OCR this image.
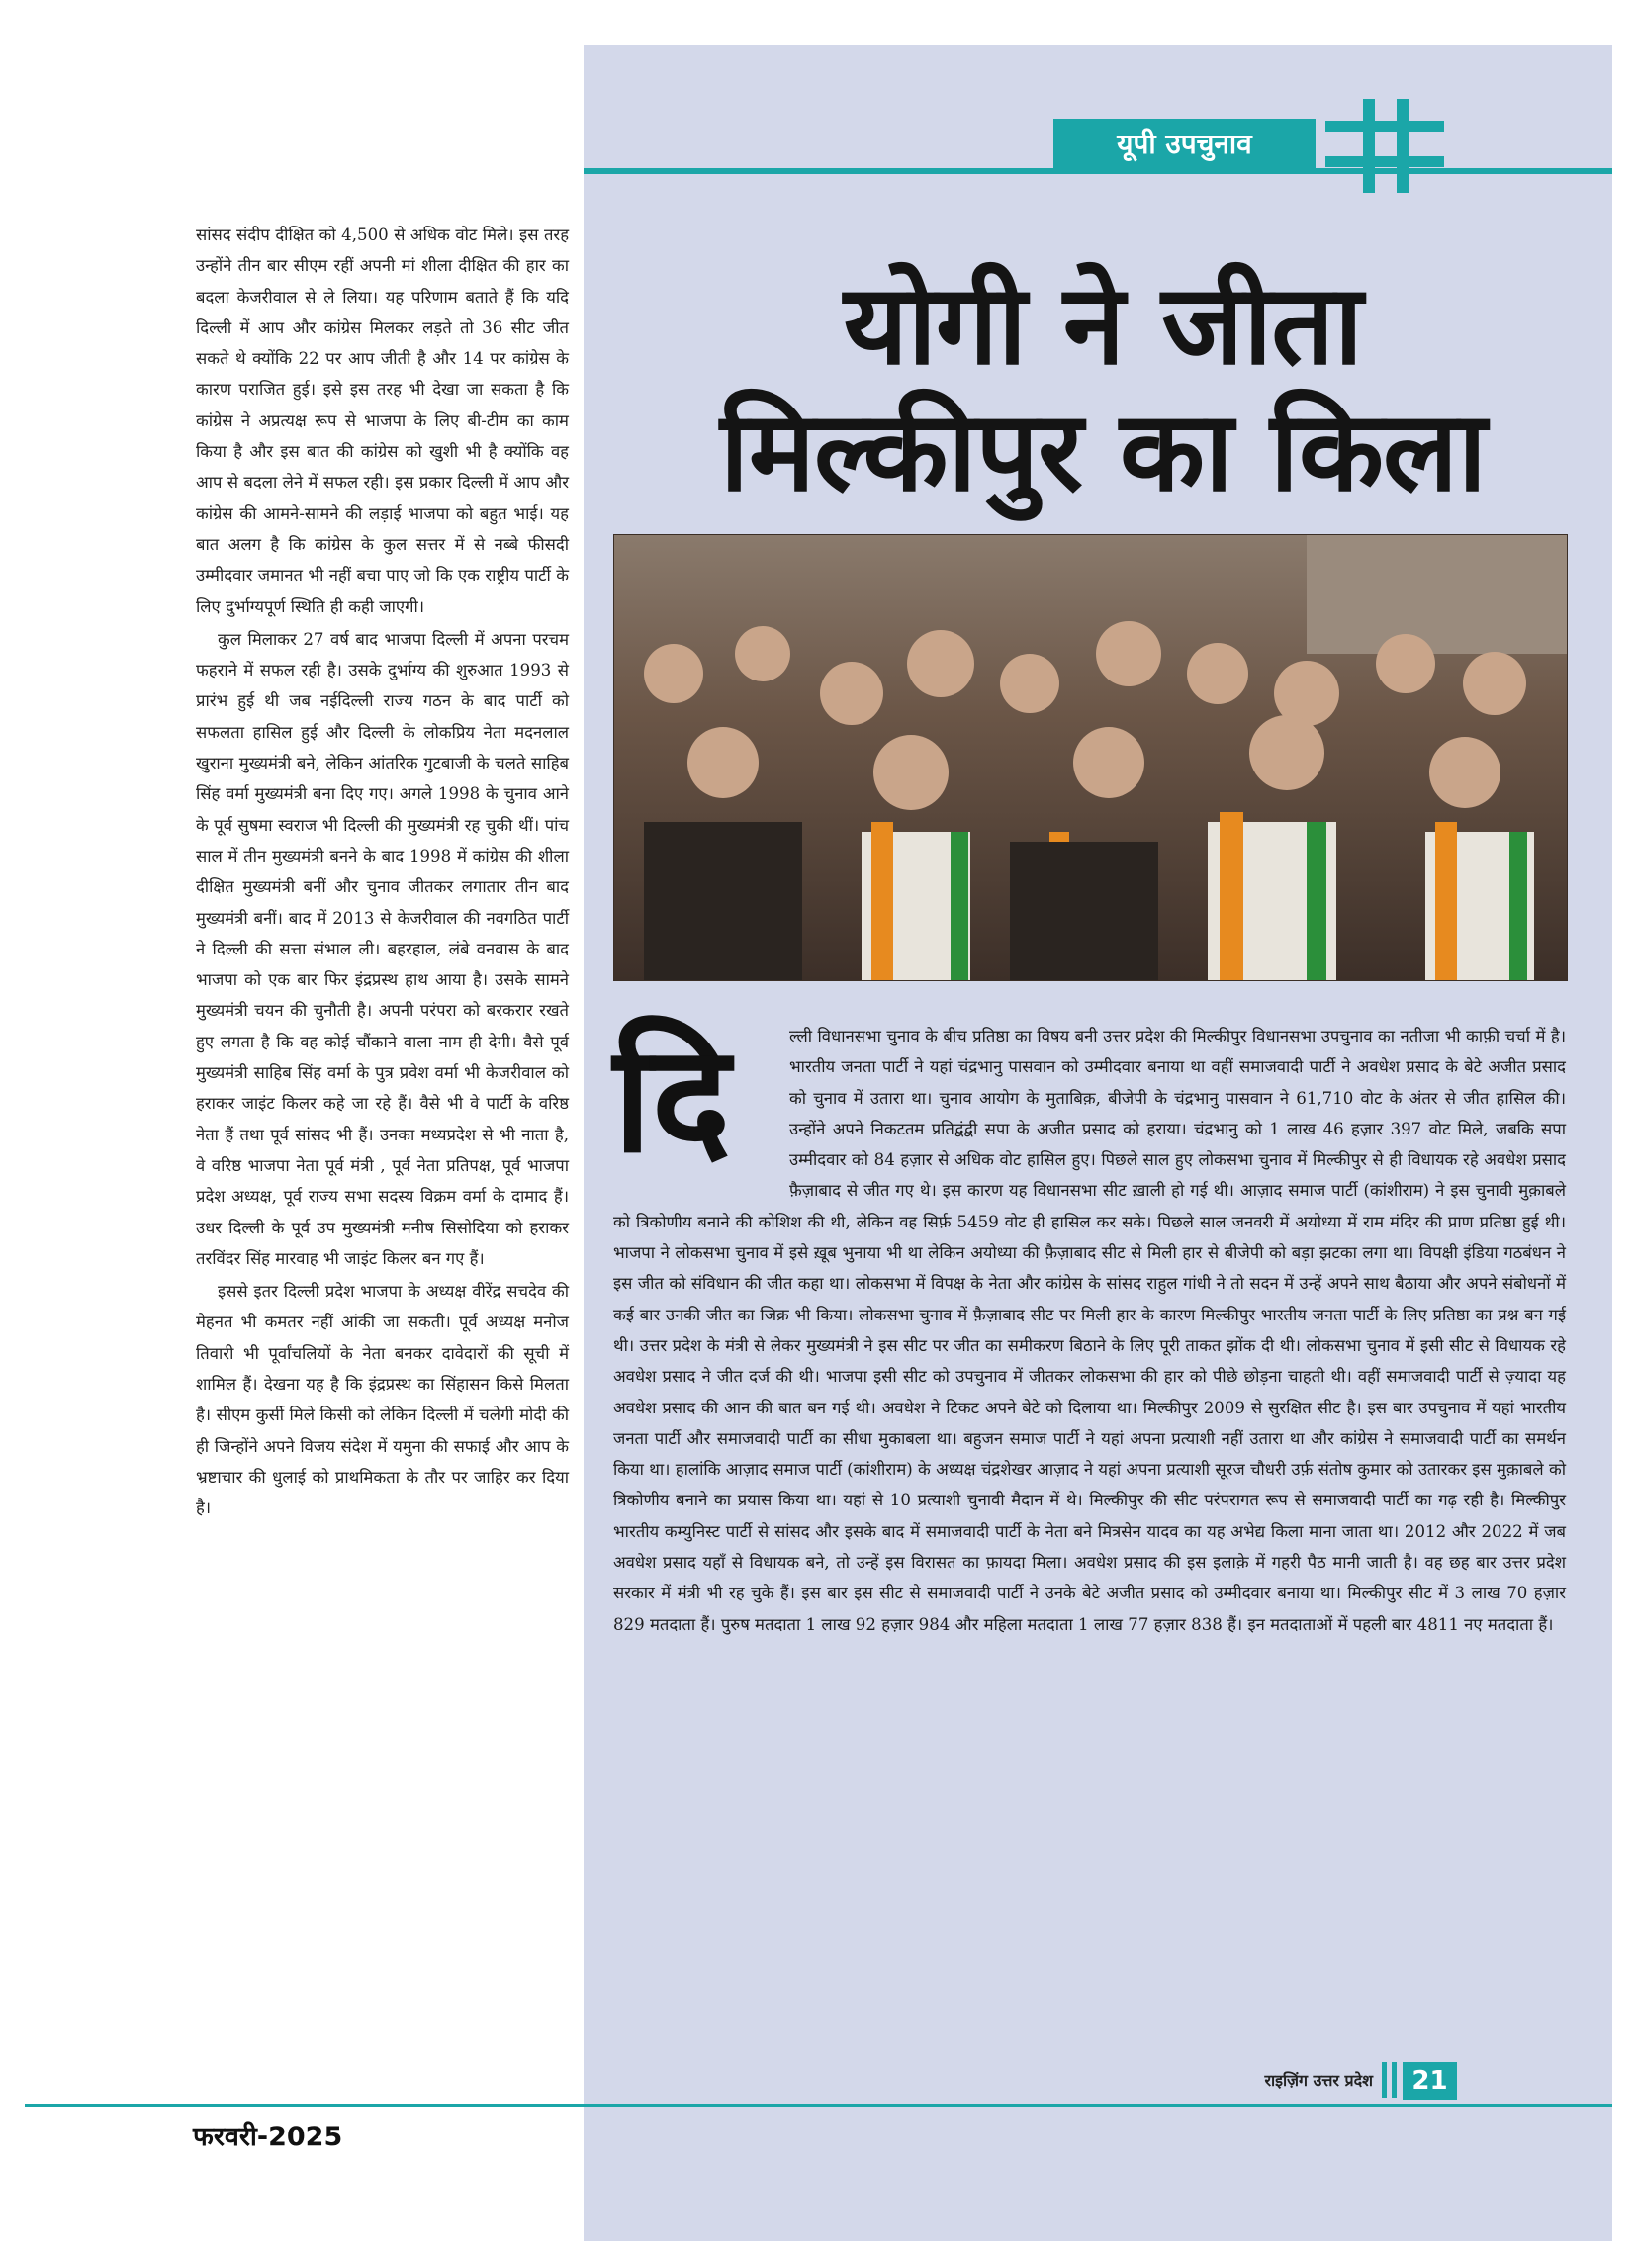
यूपी उपचुनाव

सांसद संदीप दीक्षित को 4,500 से अधिक वोट मिले। इस तरह उन्होंने तीन बार सीएम रहीं अपनी मां शीला दीक्षित की हार का बदला केजरीवाल से ले लिया। यह परिणाम बताते हैं कि यदि दिल्ली में आप और कांग्रेस मिलकर लड़ते तो 36 सीट जीत सकते थे क्योंकि 22 पर आप जीती है और 14 पर कांग्रेस के कारण पराजित हुई। इसे इस तरह भी देखा जा सकता है कि कांग्रेस ने अप्रत्यक्ष रूप से भाजपा के लिए बी-टीम का काम किया है और इस बात की कांग्रेस को खुशी भी है क्योंकि वह आप से बदला लेने में सफल रही। इस प्रकार दिल्ली में आप और कांग्रेस की आमने-सामने की लड़ाई भाजपा को बहुत भाई। यह बात अलग है कि कांग्रेस के कुल सत्तर में से नब्बे फीसदी उम्मीदवार जमानत भी नहीं बचा पाए जो कि एक राष्ट्रीय पार्टी के लिए दुर्भाग्यपूर्ण स्थिति ही कही जाएगी।

कुल मिलाकर 27 वर्ष बाद भाजपा दिल्ली में अपना परचम फहराने में सफल रही है। उसके दुर्भाग्य की शुरुआत 1993 से प्रारंभ हुई थी जब नईदिल्ली राज्य गठन के बाद पार्टी को सफलता हासिल हुई और दिल्ली के लोकप्रिय नेता मदनलाल खुराना मुख्यमंत्री बने, लेकिन आंतरिक गुटबाजी के चलते साहिब सिंह वर्मा मुख्यमंत्री बना दिए गए। अगले 1998 के चुनाव आने के पूर्व सुषमा स्वराज भी दिल्ली की मुख्यमंत्री रह चुकी थीं। पांच साल में तीन मुख्यमंत्री बनने के बाद 1998 में कांग्रेस की शीला दीक्षित मुख्यमंत्री बनीं और चुनाव जीतकर लगातार तीन बाद मुख्यमंत्री बनीं। बाद में 2013 से केजरीवाल की नवगठित पार्टी ने दिल्ली की सत्ता संभाल ली। बहरहाल, लंबे वनवास के बाद भाजपा को एक बार फिर इंद्रप्रस्थ हाथ आया है। उसके सामने मुख्यमंत्री चयन की चुनौती है। अपनी परंपरा को बरकरार रखते हुए लगता है कि वह कोई चौंकाने वाला नाम ही देगी। वैसे पूर्व मुख्यमंत्री साहिब सिंह वर्मा के पुत्र प्रवेश वर्मा भी केजरीवाल को हराकर जाइंट किलर कहे जा रहे हैं। वैसे भी वे पार्टी के वरिष्ठ नेता हैं तथा पूर्व सांसद भी हैं। उनका मध्यप्रदेश से भी नाता है, वे वरिष्ठ भाजपा नेता पूर्व मंत्री , पूर्व नेता प्रतिपक्ष, पूर्व भाजपा प्रदेश अध्यक्ष, पूर्व राज्य सभा सदस्य विक्रम वर्मा के दामाद हैं। उधर दिल्ली के पूर्व उप मुख्यमंत्री मनीष सिसोदिया को हराकर तरविंदर सिंह मारवाह भी जाइंट किलर बन गए हैं।

इससे इतर दिल्ली प्रदेश भाजपा के अध्यक्ष वीरेंद्र सचदेव की मेहनत भी कमतर नहीं आंकी जा सकती। पूर्व अध्यक्ष मनोज तिवारी भी पूर्वांचलियों के नेता बनकर दावेदारों की सूची में शामिल हैं। देखना यह है कि इंद्रप्रस्थ का सिंहासन किसे मिलता है। सीएम कुर्सी मिले किसी को लेकिन दिल्ली में चलेगी मोदी की ही जिन्होंने अपने विजय संदेश में यमुना की सफाई और आप के भ्रष्टाचार की धुलाई को प्राथमिकता के तौर पर जाहिर कर दिया है।

योगी ने जीता
मिल्कीपुर का किला
दि	ल्ली विधानसभा चुनाव के बीच प्रतिष्ठा का विषय बनी उत्तर प्रदेश की मिल्कीपुर विधानसभा उपचुनाव का नतीजा भी काफ़ी चर्चा में है। भारतीय जनता पार्टी ने यहां चंद्रभानु पासवान को उम्मीदवार बनाया था वहीं समाजवादी पार्टी ने अवधेश प्रसाद के बेटे अजीत प्रसाद को चुनाव में उतारा था। चुनाव आयोग के मुताबिक़, बीजेपी के चंद्रभानु पासवान ने 61,710 वोट के अंतर से जीत हासिल की। उन्होंने अपने निकटतम प्रतिद्वंद्वी सपा के अजीत प्रसाद को हराया। चंद्रभानु को 1 लाख 46 हज़ार 397 वोट मिले, जबकि सपा उम्मीदवार को 84 हज़ार से अधिक वोट हासिल हुए। पिछले साल हुए लोकसभा चुनाव में मिल्कीपुर से ही विधायक रहे अवधेश प्रसाद फ़ैज़ाबाद से जीत गए थे। इस कारण यह विधानसभा सीट ख़ाली हो गई थी। आज़ाद समाज पार्टी (कांशीराम) ने इस चुनावी मुक़ाबले को त्रिकोणीय बनाने की कोशिश की थी, लेकिन वह सिर्फ़ 5459 वोट ही हासिल कर सके। पिछले साल जनवरी में अयोध्या में राम मंदिर की प्राण प्रतिष्ठा हुई थी। भाजपा ने लोकसभा चुनाव में इसे ख़ूब भुनाया भी था लेकिन अयोध्या की फ़ैज़ाबाद सीट से मिली हार से बीजेपी को बड़ा झटका लगा था। विपक्षी इंडिया गठबंधन ने इस जीत को संविधान की जीत कहा था। लोकसभा में विपक्ष के नेता और कांग्रेस के सांसद राहुल गांधी ने तो सदन में उन्हें अपने साथ बैठाया और अपने संबोधनों में कई बार उनकी जीत का जिक्र भी किया। लोकसभा चुनाव में फ़ैज़ाबाद सीट पर मिली हार के कारण मिल्कीपुर भारतीय जनता पार्टी के लिए प्रतिष्ठा का प्रश्न बन गई थी। उत्तर प्रदेश के मंत्री से लेकर मुख्यमंत्री ने इस सीट पर जीत का समीकरण बिठाने के लिए पूरी ताकत झोंक दी थी। लोकसभा चुनाव में इसी सीट से विधायक रहे अवधेश प्रसाद ने जीत दर्ज की थी। भाजपा इसी सीट को उपचुनाव में जीतकर लोकसभा की हार को पीछे छोड़ना चाहती थी। वहीं समाजवादी पार्टी से ज़्यादा यह अवधेश प्रसाद की आन की बात बन गई थी। अवधेश ने टिकट अपने बेटे को दिलाया था। मिल्कीपुर 2009 से सुरक्षित सीट है। इस बार उपचुनाव में यहां भारतीय जनता पार्टी और समाजवादी पार्टी का सीधा मुकाबला था। बहुजन समाज पार्टी ने यहां अपना प्रत्याशी नहीं उतारा था और कांग्रेस ने समाजवादी पार्टी का समर्थन किया था। हालांकि आज़ाद समाज पार्टी (कांशीराम) के अध्यक्ष चंद्रशेखर आज़ाद ने यहां अपना प्रत्याशी सूरज चौधरी उर्फ़ संतोष कुमार को उतारकर इस मुक़ाबले को त्रिकोणीय बनाने का प्रयास किया था। यहां से 10 प्रत्याशी चुनावी मैदान में थे। मिल्कीपुर की सीट परंपरागत रूप से समाजवादी पार्टी का गढ़ रही है। मिल्कीपुर भारतीय कम्युनिस्ट पार्टी से सांसद और इसके बाद में समाजवादी पार्टी के नेता बने मित्रसेन यादव का यह अभेद्य किला माना जाता था। 2012 और 2022 में जब अवधेश प्रसाद यहाँ से विधायक बने, तो उन्हें इस विरासत का फ़ायदा मिला। अवधेश प्रसाद की इस इलाक़े में गहरी पैठ मानी जाती है। वह छह बार उत्तर प्रदेश सरकार में मंत्री भी रह चुके हैं। इस बार इस सीट से समाजवादी पार्टी ने उनके बेटे अजीत प्रसाद को उम्मीदवार बनाया था। मिल्कीपुर सीट में 3 लाख 70 हज़ार 829 मतदाता हैं। पुरुष मतदाता 1 लाख 92 हज़ार 984 और महिला मतदाता 1 लाख 77 हज़ार 838 हैं। इन मतदाताओं में पहली बार 4811 नए मतदाता हैं।

राइज़िंग उत्तर प्रदेश	21
फरवरी-2025
